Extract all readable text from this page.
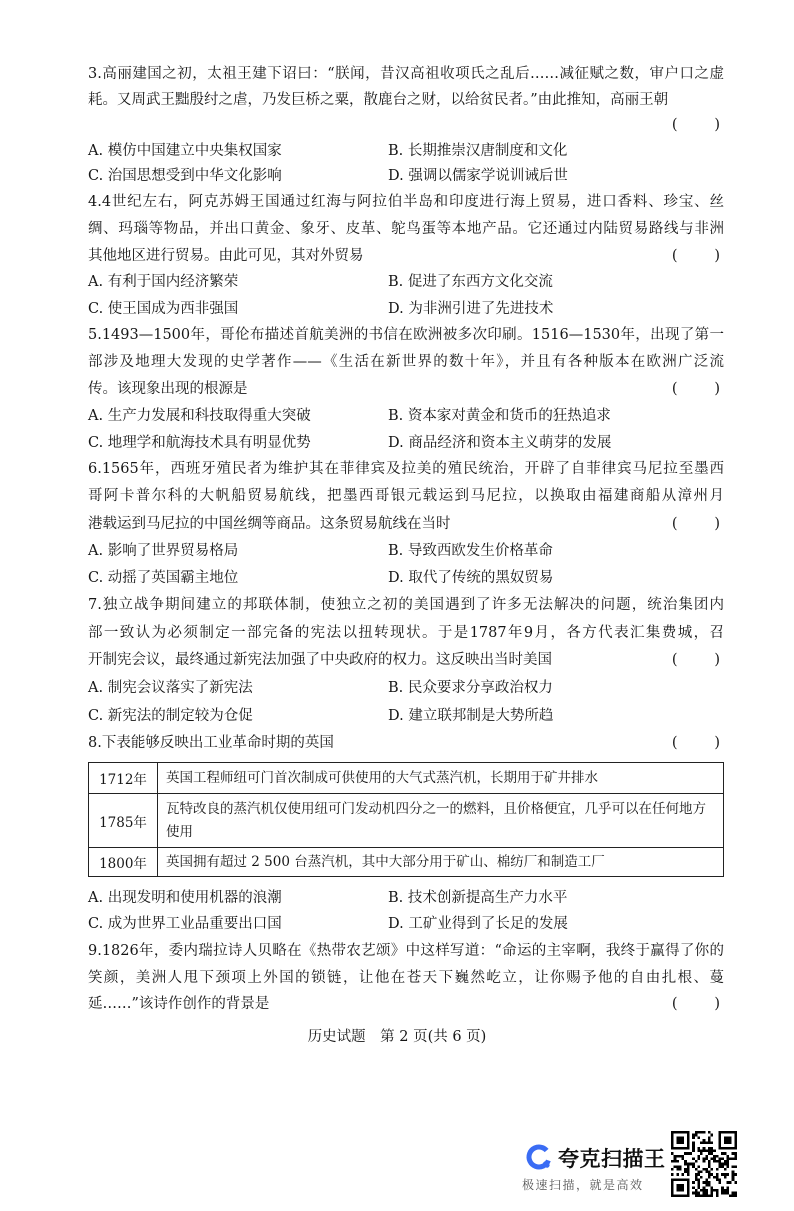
3.高丽建国之初，太祖王建下诏曰：“朕闻，昔汉高祖收项氏之乱后……减征赋之数，审户口之虚
耗。又周武王黜殷纣之虐，乃发巨桥之粟，散鹿台之财，以给贫民者。”由此推知，高丽王朝
(        )
A. 模仿中国建立中央集权国家	B. 长期推崇汉唐制度和文化
C. 治国思想受到中华文化影响	D. 强调以儒家学说训诫后世
4.4世纪左右，阿克苏姆王国通过红海与阿拉伯半岛和印度进行海上贸易，进口香料、珍宝、丝
绸、玛瑙等物品，并出口黄金、象牙、皮革、鸵鸟蛋等本地产品。它还通过内陆贸易路线与非洲
其他地区进行贸易。由此可见，其对外贸易	(        )
A. 有利于国内经济繁荣	B. 促进了东西方文化交流
C. 使王国成为西非强国	D. 为非洲引进了先进技术
5.1493—1500年，哥伦布描述首航美洲的书信在欧洲被多次印刷。1516—1530年，出现了第一
部涉及地理大发现的史学著作——《生活在新世界的数十年》，并且有各种版本在欧洲广泛流
传。该现象出现的根源是	(        )
A. 生产力发展和科技取得重大突破	B. 资本家对黄金和货币的狂热追求
C. 地理学和航海技术具有明显优势	D. 商品经济和资本主义萌芽的发展
6.1565年，西班牙殖民者为维护其在菲律宾及拉美的殖民统治，开辟了自菲律宾马尼拉至墨西
哥阿卡普尔科的大帆船贸易航线，把墨西哥银元载运到马尼拉，以换取由福建商船从漳州月
港载运到马尼拉的中国丝绸等商品。这条贸易航线在当时	(        )
A. 影响了世界贸易格局	B. 导致西欧发生价格革命
C. 动摇了英国霸主地位	D. 取代了传统的黑奴贸易
7.独立战争期间建立的邦联体制，使独立之初的美国遇到了许多无法解决的问题，统治集团内
部一致认为必须制定一部完备的宪法以扭转现状。于是1787年9月，各方代表汇集费城，召
开制宪会议，最终通过新宪法加强了中央政府的权力。这反映出当时美国	(        )
A. 制宪会议落实了新宪法	B. 民众要求分享政治权力
C. 新宪法的制定较为仓促	D. 建立联邦制是大势所趋
8.下表能够反映出工业革命时期的英国	(        )
1712年	英国工程师纽可门首次制成可供使用的大气式蒸汽机，长期用于矿井排水
1785年	瓦特改良的蒸汽机仅使用纽可门发动机四分之一的燃料，且价格便宜，几乎可以在任何地方使用
1800年	英国拥有超过 2 500 台蒸汽机，其中大部分用于矿山、棉纺厂和制造工厂
A. 出现发明和使用机器的浪潮	B. 技术创新提高生产力水平
C. 成为世界工业品重要出口国	D. 工矿业得到了长足的发展
9.1826年，委内瑞拉诗人贝略在《热带农艺颂》中这样写道：“命运的主宰啊，我终于赢得了你的
笑颜，美洲人甩下颈项上外国的锁链，让他在苍天下巍然屹立，让你赐予他的自由扎根、蔓
延……”该诗作创作的背景是	(        )
历史试题　第 2 页(共 6 页)
夸克扫描王
极速扫描，就是高效
